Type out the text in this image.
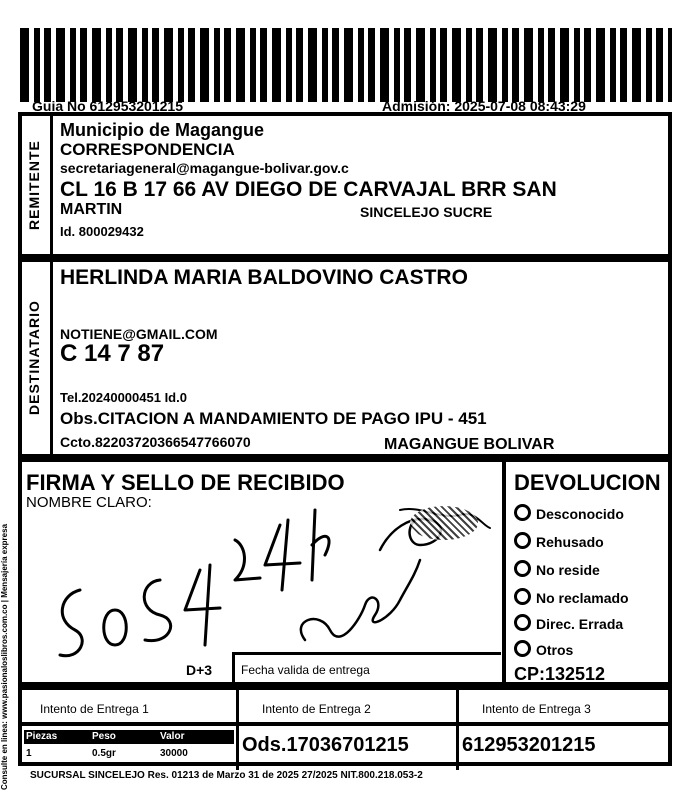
Consulte en linea: www.pasionaloslibros.com.co | Mensajería expresa
Guia No 612953201215	Admisión: 2025-07-08 08:43:29
REMITENTE
Municipio de Magangue
CORRESPONDENCIA
secretariageneral@magangue-bolivar.gov.c
CL 16 B 17 66 AV DIEGO DE CARVAJAL BRR SAN
MARTIN	SINCELEJO SUCRE
Id. 800029432
DESTINATARIO
HERLINDA MARIA BALDOVINO CASTRO
NOTIENE@GMAIL.COM
C 14 7 87
Tel.20240000451 Id.0
Obs.CITACION A MANDAMIENTO DE PAGO IPU - 451
Ccto.82203720366547766070	MAGANGUE BOLIVAR
FIRMA Y SELLO DE RECIBIDO
NOMBRE CLARO:
D+3 Fecha valida de entrega
DEVOLUCION
Desconocido
Rehusado
No reside
No reclamado
Direc. Errada
Otros
CP:132512
Intento de Entrega 1	Intento de Entrega 2	Intento de Entrega 3
Piezas	Peso	Valor
1	0.5gr	30000	Ods.17036701215	612953201215
SUCURSAL SINCELEJO Res. 01213 de Marzo 31 de 2025 27/2025 NIT.800.218.053-2
